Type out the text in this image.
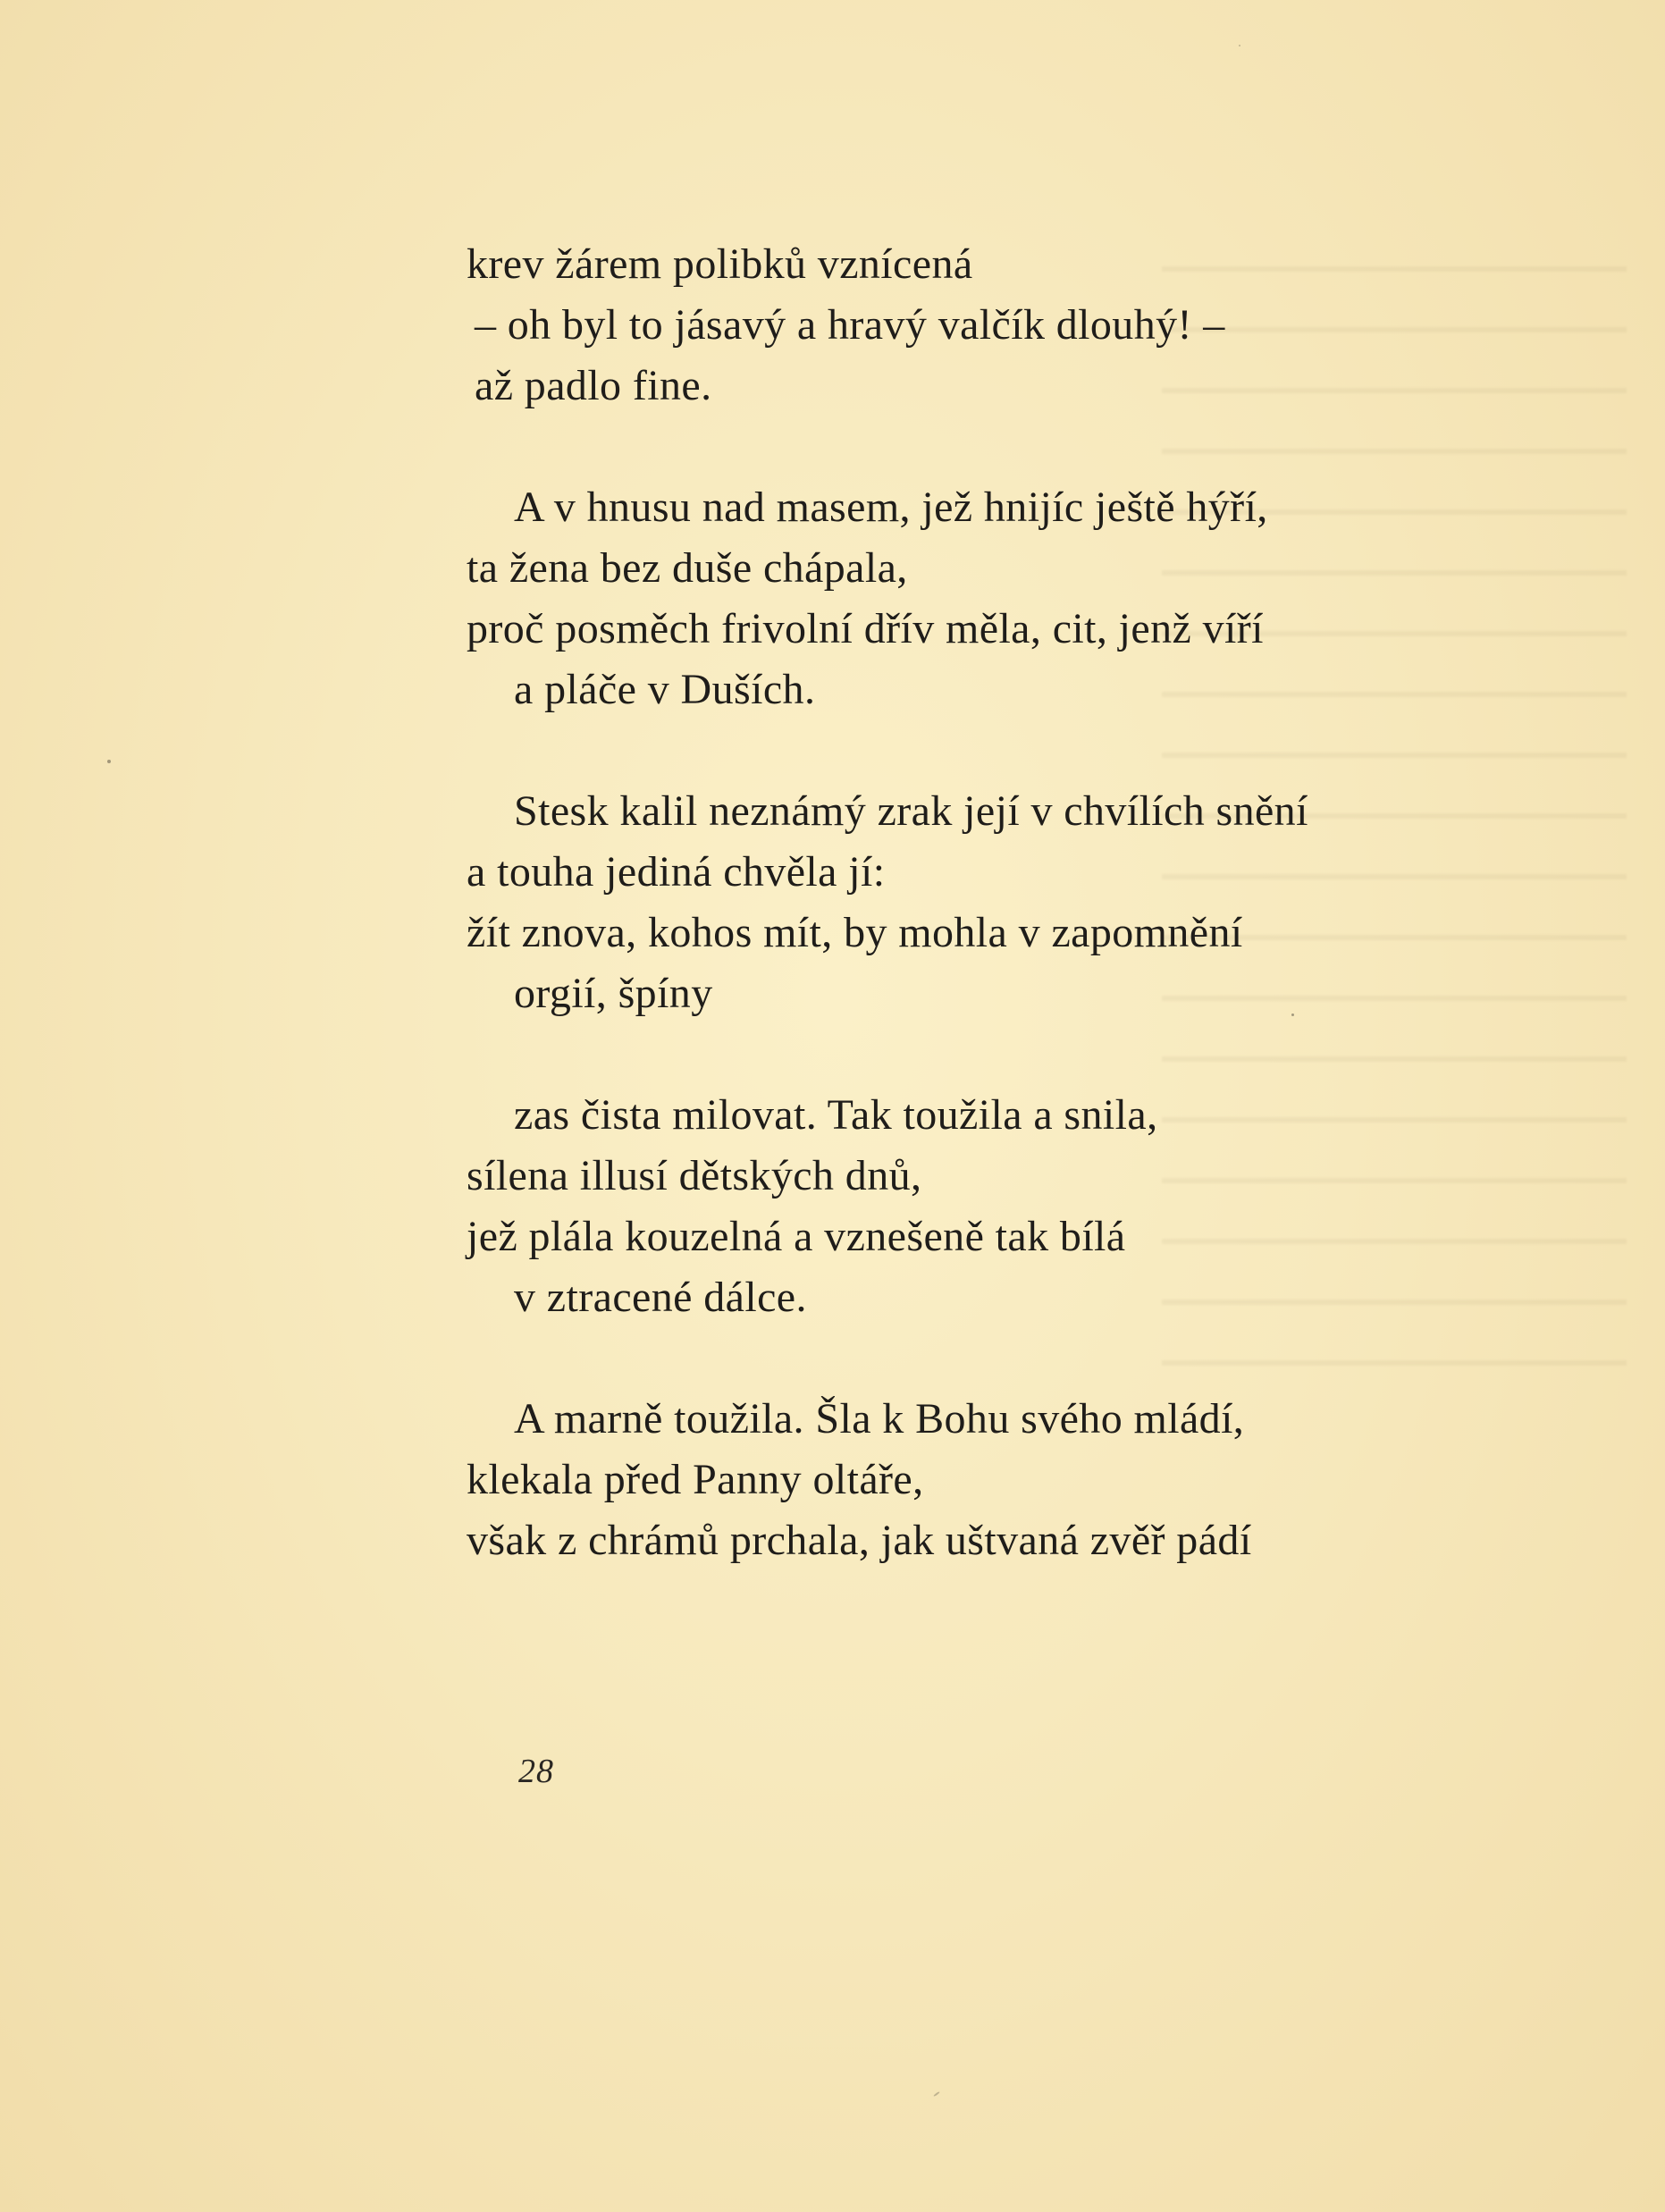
krev žárem polibků vznícená
– oh byl to jásavý a hravý valčík dlouhý! –
až padlo fine.
A v hnusu nad masem, jež hnijíc ještě hýří,
ta žena bez duše chápala,
proč posměch frivolní dřív měla, cit, jenž víří
a pláče v Duších.
Stesk kalil neznámý zrak její v chvílích snění
a touha jediná chvěla jí:
žít znova, kohos mít, by mohla v zapomnění
orgií, špíny
zas čista milovat. Tak toužila a snila,
sílena illusí dětských dnů,
jež plála kouzelná a vznešeně tak bílá
v ztracené dálce.
A marně toužila. Šla k Bohu svého mládí,
klekala před Panny oltáře,
však z chrámů prchala, jak uštvaná zvěř pádí
28
